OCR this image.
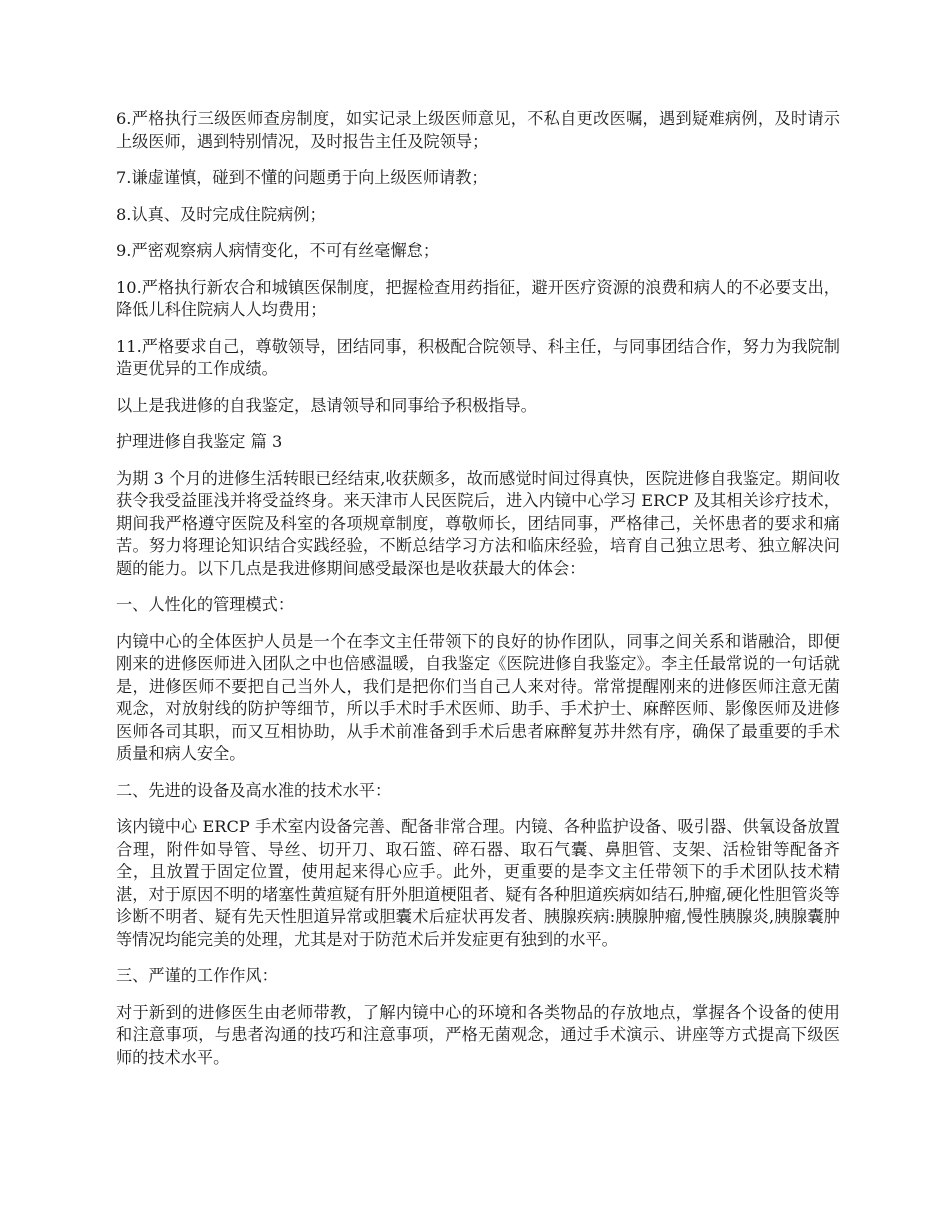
6.严格执行三级医师查房制度，如实记录上级医师意见，不私自更改医嘱，遇到疑难病例，及时请示上级医师，遇到特别情况，及时报告主任及院领导；

7.谦虚谨慎，碰到不懂的问题勇于向上级医师请教；

8.认真、及时完成住院病例；

9.严密观察病人病情变化，不可有丝毫懈怠；

10.严格执行新农合和城镇医保制度，把握检查用药指征，避开医疗资源的浪费和病人的不必要支出，降低儿科住院病人人均费用；

11.严格要求自己，尊敬领导，团结同事，积极配合院领导、科主任，与同事团结合作，努力为我院制造更优异的工作成绩。

以上是我进修的自我鉴定，恳请领导和同事给予积极指导。

护理进修自我鉴定 篇 3

为期 3 个月的进修生活转眼已经结束,收获颇多，故而感觉时间过得真快，医院进修自我鉴定。期间收获令我受益匪浅并将受益终身。来天津市人民医院后，进入内镜中心学习 ERCP 及其相关诊疗技术，期间我严格遵守医院及科室的各项规章制度，尊敬师长，团结同事，严格律己，关怀患者的要求和痛苦。努力将理论知识结合实践经验，不断总结学习方法和临床经验，培育自己独立思考、独立解决问题的能力。以下几点是我进修期间感受最深也是收获最大的体会：

一、人性化的管理模式：

内镜中心的全体医护人员是一个在李文主任带领下的良好的协作团队，同事之间关系和谐融洽，即便刚来的进修医师进入团队之中也倍感温暖，自我鉴定《医院进修自我鉴定》。李主任最常说的一句话就是，进修医师不要把自己当外人，我们是把你们当自己人来对待。常常提醒刚来的进修医师注意无菌观念，对放射线的防护等细节，所以手术时手术医师、助手、手术护士、麻醉医师、影像医师及进修医师各司其职，而又互相协助，从手术前准备到手术后患者麻醉复苏井然有序，确保了最重要的手术质量和病人安全。

二、先进的设备及高水准的技术水平：

该内镜中心 ERCP 手术室内设备完善、配备非常合理。内镜、各种监护设备、吸引器、供氧设备放置合理，附件如导管、导丝、切开刀、取石篮、碎石器、取石气囊、鼻胆管、支架、活检钳等配备齐全，且放置于固定位置，使用起来得心应手。此外，更重要的是李文主任带领下的手术团队技术精湛，对于原因不明的堵塞性黄疸疑有肝外胆道梗阻者、疑有各种胆道疾病如结石,肿瘤,硬化性胆管炎等诊断不明者、疑有先天性胆道异常或胆囊术后症状再发者、胰腺疾病:胰腺肿瘤,慢性胰腺炎,胰腺囊肿等情况均能完美的处理，尤其是对于防范术后并发症更有独到的水平。

三、严谨的工作作风：

对于新到的进修医生由老师带教，了解内镜中心的环境和各类物品的存放地点，掌握各个设备的使用和注意事项，与患者沟通的技巧和注意事项，严格无菌观念，通过手术演示、讲座等方式提高下级医师的技术水平。
